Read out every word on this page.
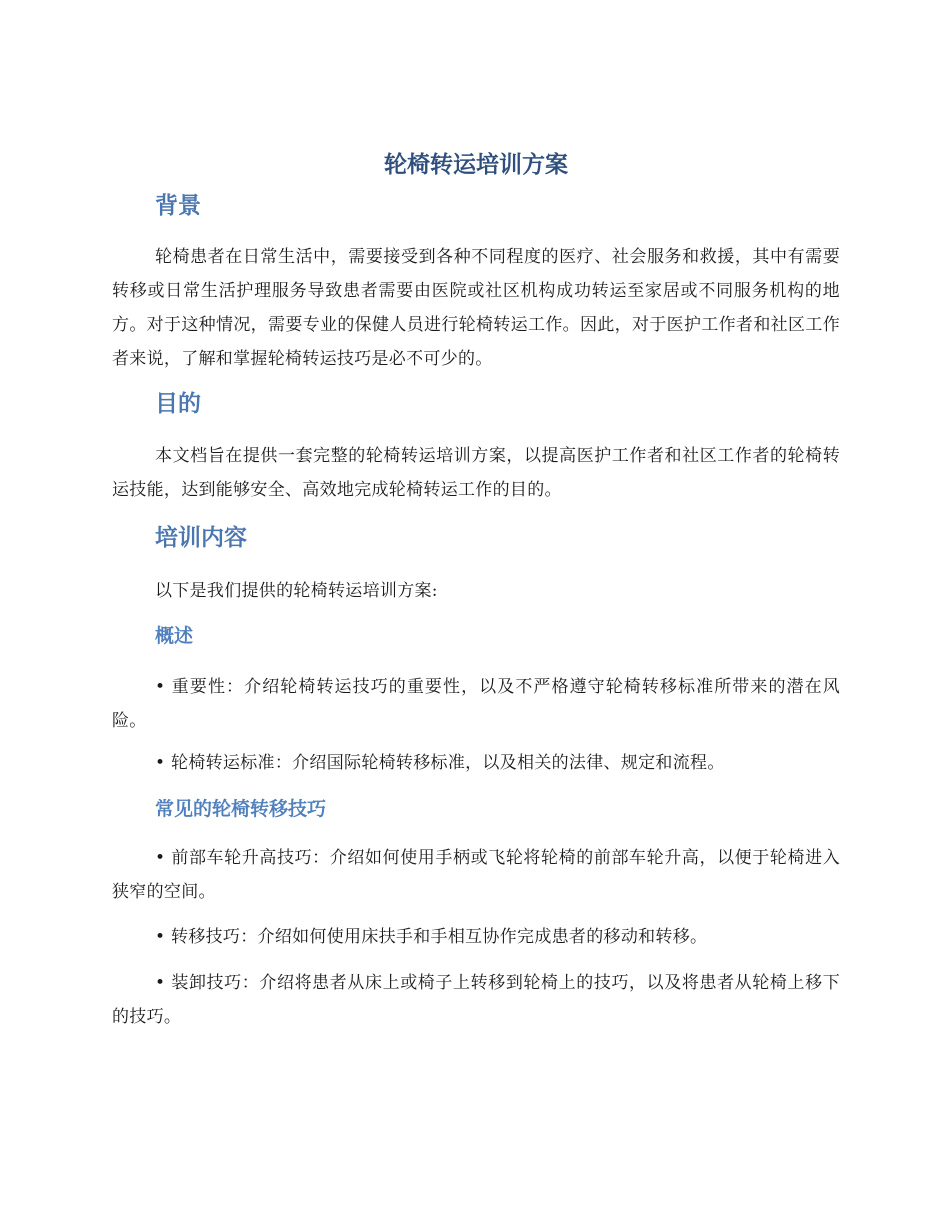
轮椅转运培训方案
背景

轮椅患者在日常生活中，需要接受到各种不同程度的医疗、社会服务和救援，其中有需要转移或日常生活护理服务导致患者需要由医院或社区机构成功转运至家居或不同服务机构的地方。对于这种情况，需要专业的保健人员进行轮椅转运工作。因此，对于医护工作者和社区工作者来说，了解和掌握轮椅转运技巧是必不可少的。

目的

本文档旨在提供一套完整的轮椅转运培训方案，以提高医护工作者和社区工作者的轮椅转运技能，达到能够安全、高效地完成轮椅转运工作的目的。

培训内容

以下是我们提供的轮椅转运培训方案:

概述

• 重要性：介绍轮椅转运技巧的重要性，以及不严格遵守轮椅转移标准所带来的潜在风险。

• 轮椅转运标准：介绍国际轮椅转移标准，以及相关的法律、规定和流程。

常见的轮椅转移技巧

• 前部车轮升高技巧：介绍如何使用手柄或飞轮将轮椅的前部车轮升高，以便于轮椅进入狭窄的空间。

• 转移技巧：介绍如何使用床扶手和手相互协作完成患者的移动和转移。

• 装卸技巧：介绍将患者从床上或椅子上转移到轮椅上的技巧，以及将患者从轮椅上移下的技巧。
